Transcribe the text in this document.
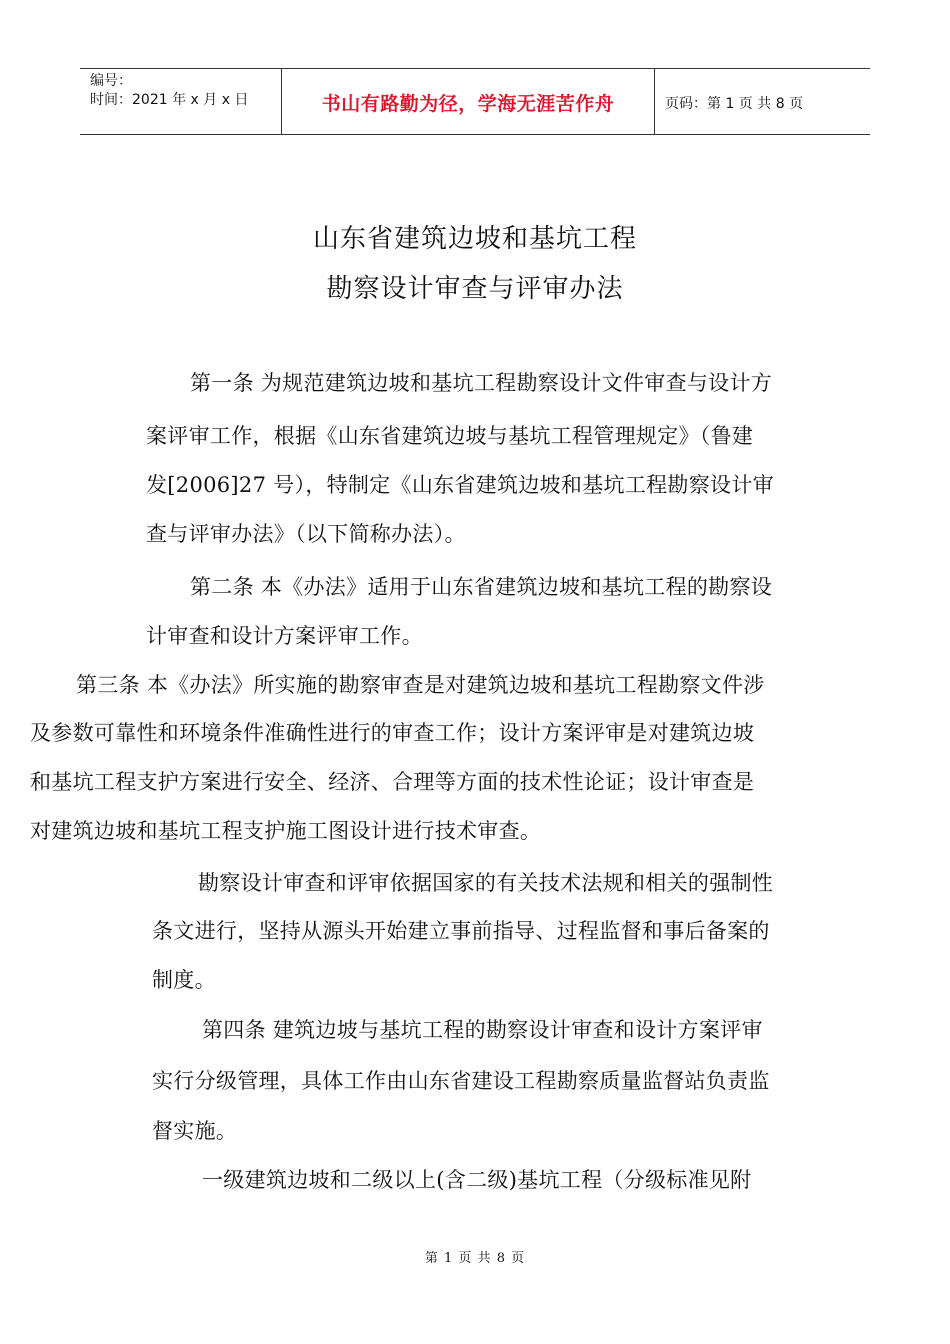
编号：
时间：2021 年 x 月 x 日	书山有路勤为径，学海无涯苦作舟	页码：第 1 页 共 8 页
山东省建筑边坡和基坑工程
勘察设计审查与评审办法
第一条 为规范建筑边坡和基坑工程勘察设计文件审查与设计方
案评审工作，根据《山东省建筑边坡与基坑工程管理规定》（鲁建
发[2006]27 号），特制定《山东省建筑边坡和基坑工程勘察设计审
查与评审办法》（以下简称办法）。
第二条 本《办法》适用于山东省建筑边坡和基坑工程的勘察设
计审查和设计方案评审工作。
第三条 本《办法》所实施的勘察审查是对建筑边坡和基坑工程勘察文件涉
及参数可靠性和环境条件准确性进行的审查工作；设计方案评审是对建筑边坡
和基坑工程支护方案进行安全、经济、合理等方面的技术性论证；设计审查是
对建筑边坡和基坑工程支护施工图设计进行技术审查。
勘察设计审查和评审依据国家的有关技术法规和相关的强制性
条文进行，坚持从源头开始建立事前指导、过程监督和事后备案的
制度。
第四条 建筑边坡与基坑工程的勘察设计审查和设计方案评审
实行分级管理，具体工作由山东省建设工程勘察质量监督站负责监
督实施。
一级建筑边坡和二级以上(含二级)基坑工程（分级标准见附
第 1 页 共 8 页
